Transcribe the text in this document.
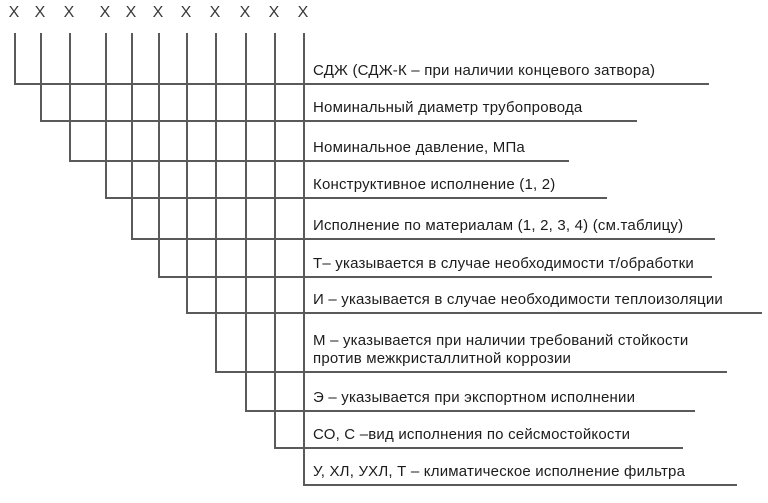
X X X X X X X X X X X
СДЖ (СДЖ-К – при наличии концевого затвора)
Номинальный диаметр трубопровода
Номинальное давление, МПа
Конструктивное исполнение (1, 2)
Исполнение по материалам (1, 2, 3, 4) (см.таблицу)
Т– указывается в случае необходимости т/обработки
И – указывается в случае необходимости теплоизоляции
М – указывается при наличии требований стойкости
против межкристаллитной коррозии
Э – указывается при экспортном исполнении
СО, С –вид исполнения по сейсмостойкости
У, ХЛ, УХЛ, Т – климатическое исполнение фильтра
